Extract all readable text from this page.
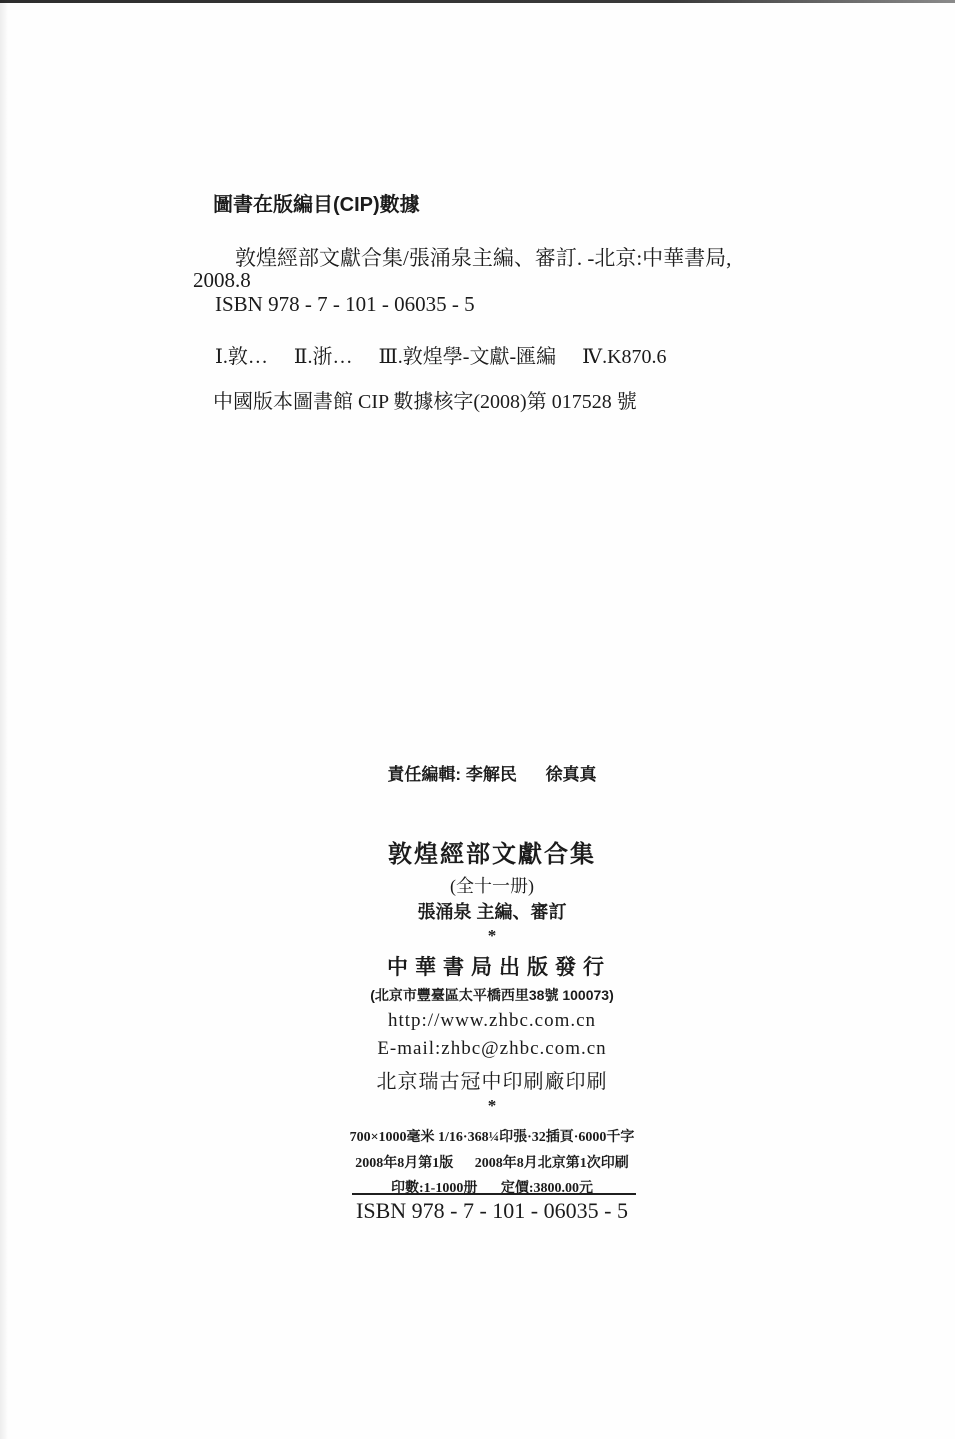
圖書在版編目(CIP)數據
敦煌經部文獻合集/張涌泉主編、審訂. -北京:中華書局,
2008.8
ISBN 978 - 7 - 101 - 06035 - 5
Ⅰ.敦… Ⅱ.浙… Ⅲ.敦煌學-文獻-匯編 Ⅳ.K870.6
中國版本圖書館 CIP 數據核字(2008)第 017528 號
責任編輯: 李解民 徐真真
敦煌經部文獻合集
(全十一册)
張涌泉 主編、審訂
*
中華書局出版發行
(北京市豐臺區太平橋西里38號 100073)
http://www.zhbc.com.cn
E-mail:zhbc@zhbc.com.cn
北京瑞古冠中印刷廠印刷
*
700×1000毫米 1/16·368¼印張·32插頁·6000千字
2008年8月第1版 2008年8月北京第1次印刷
印數:1-1000册 定價:3800.00元
ISBN 978 - 7 - 101 - 06035 - 5
